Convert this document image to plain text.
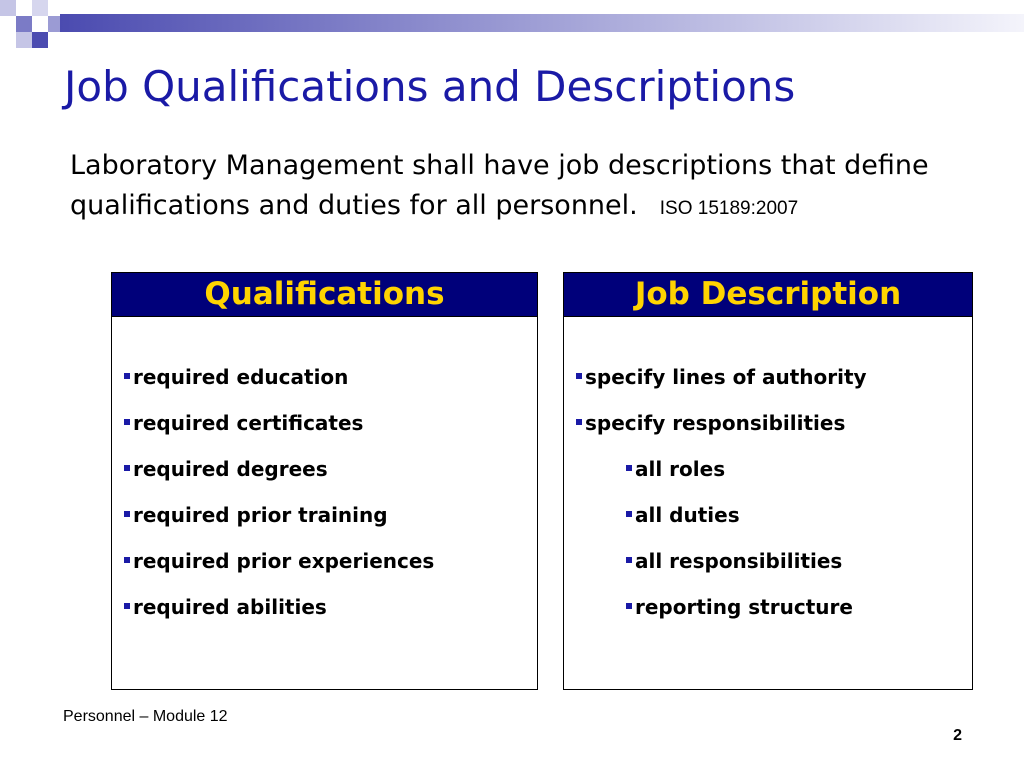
Job Qualifications and Descriptions

Laboratory Management shall have job descriptions that define qualifications and duties for all personnel. ISO 15189:2007

Qualifications
required education
required certificates
required degrees
required prior training
required prior experiences
required abilities
Job Description
specify lines of authority
specify responsibilities
all roles
all duties
all responsibilities
reporting structure
Personnel – Module 12
2
